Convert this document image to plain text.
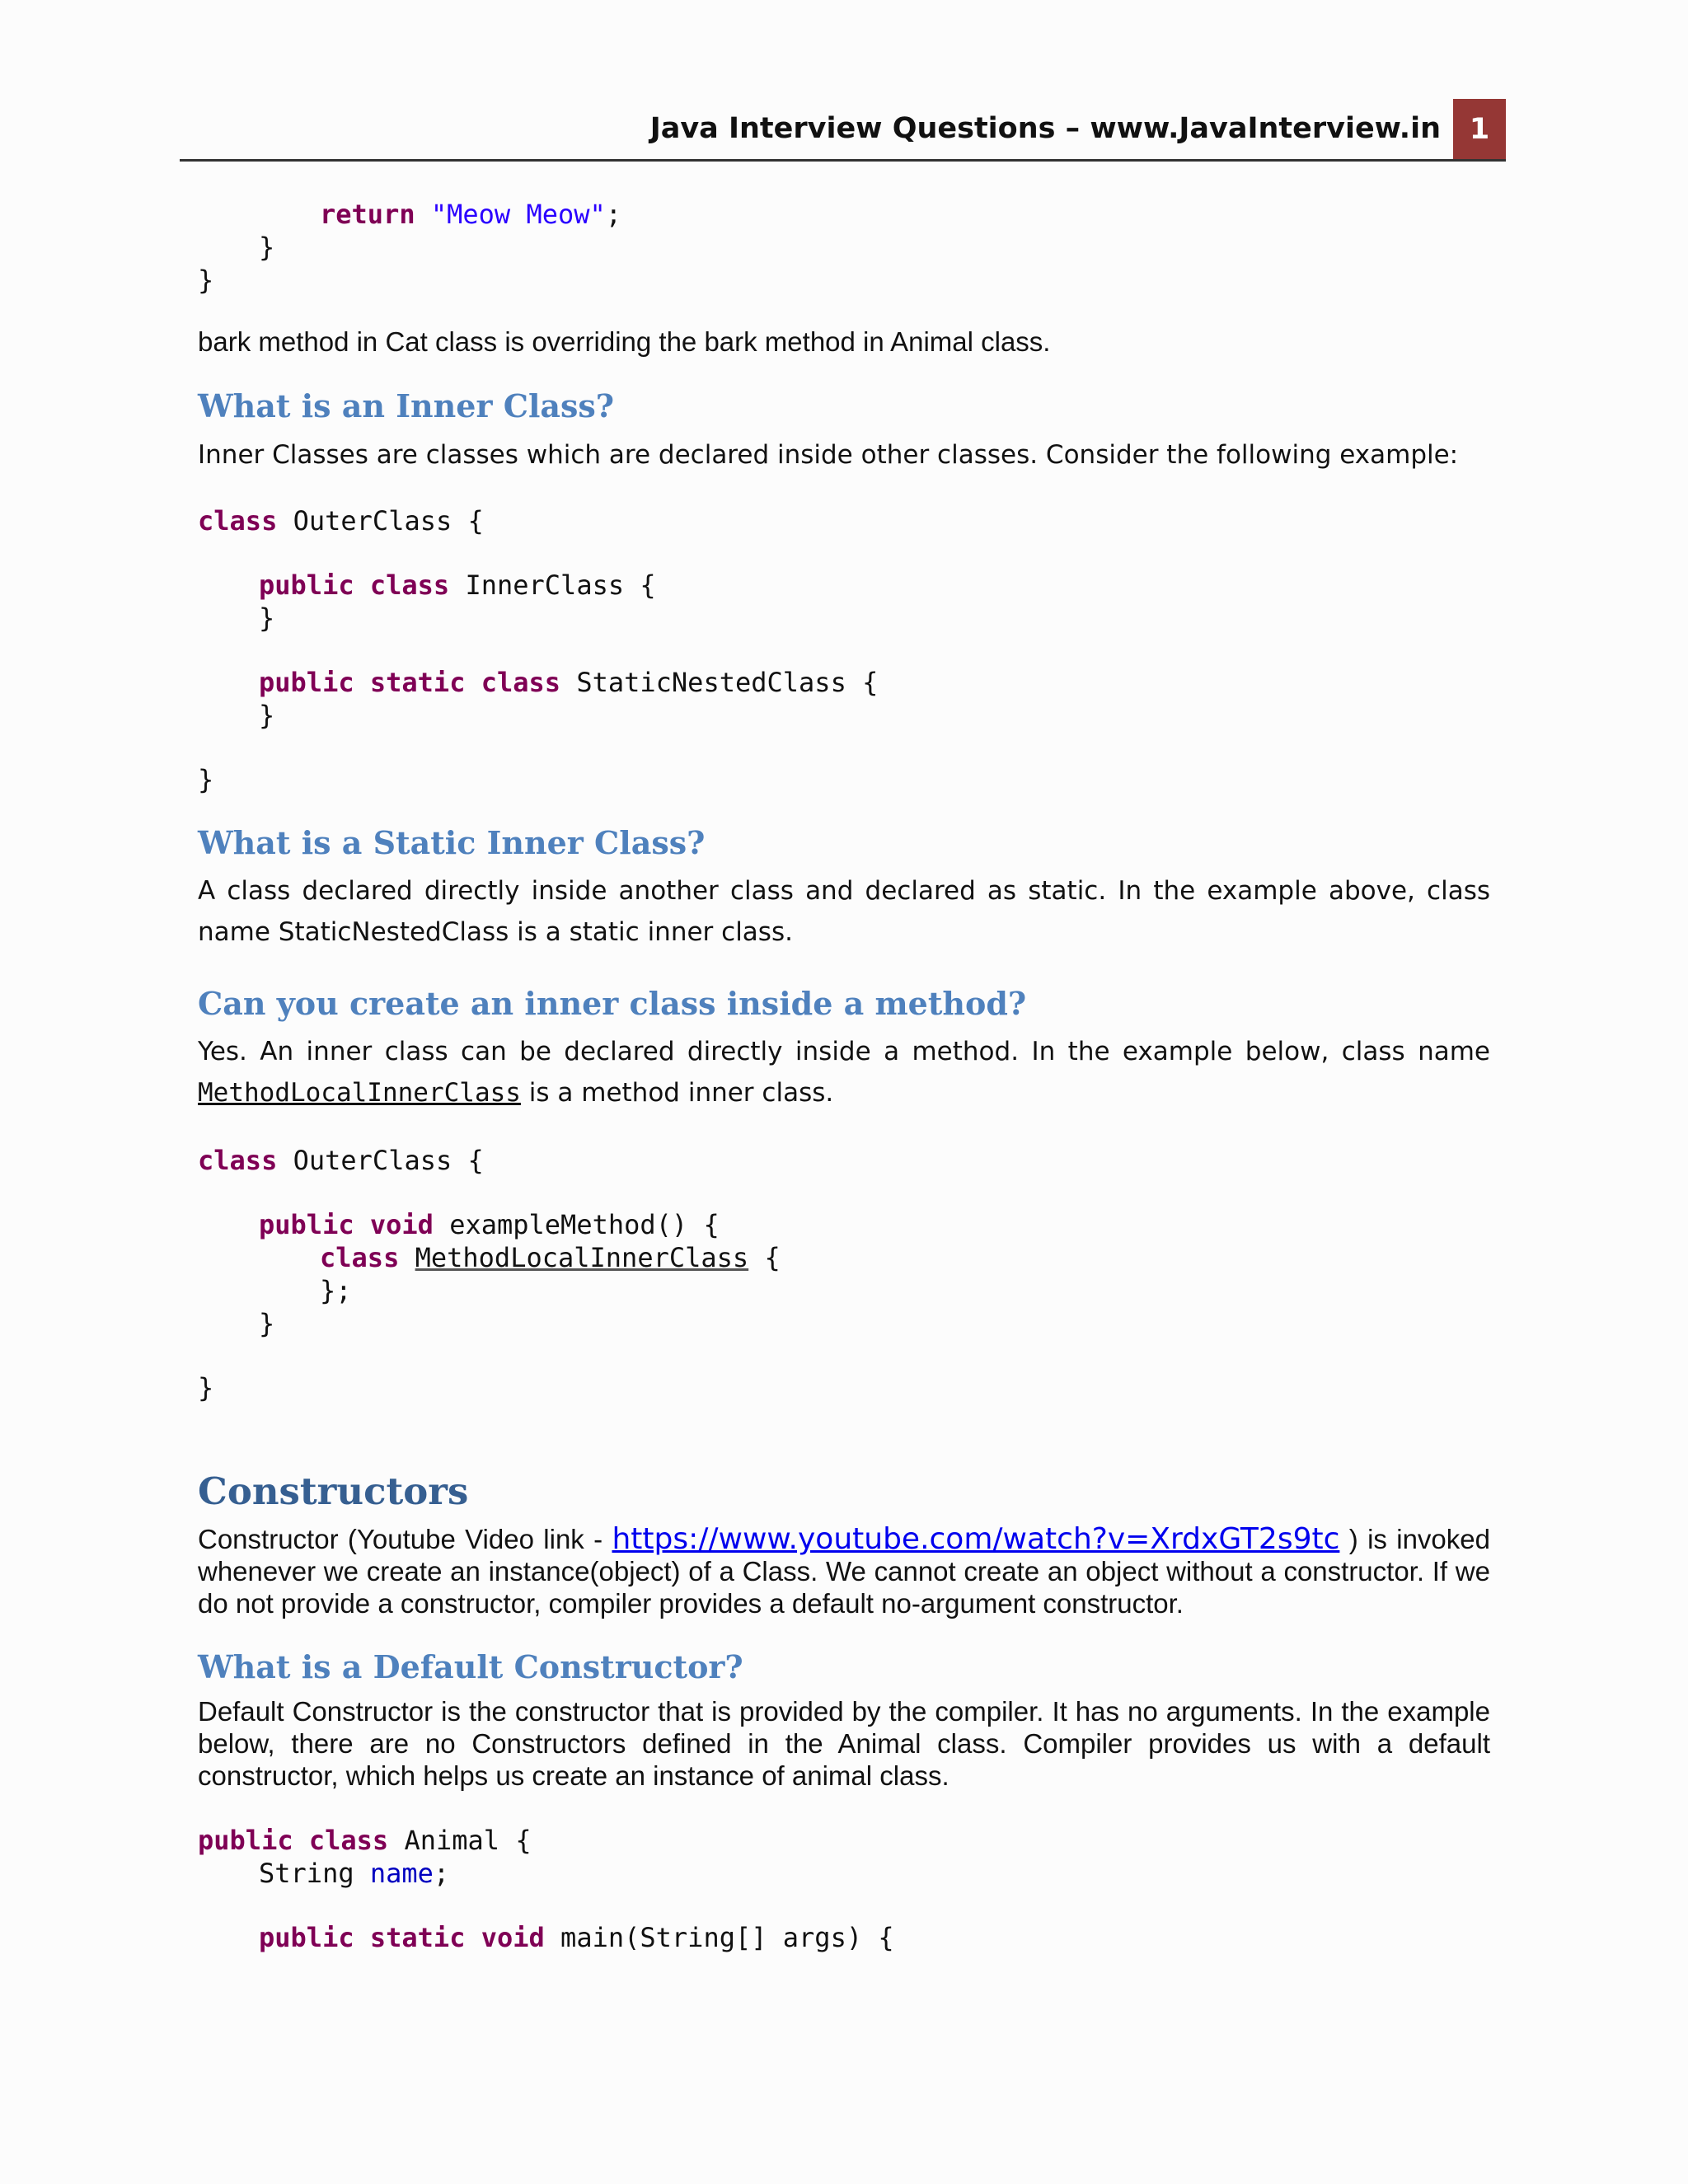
Java Interview Questions – www.JavaInterview.in 1
return "Meow Meow";
}
}
bark method in Cat class is overriding the bark method in Animal class.
What is an Inner Class?
Inner Classes are classes which are declared inside other classes. Consider the following example:
class OuterClass {
public class InnerClass {
}
public static class StaticNestedClass {
}
}
What is a Static Inner Class?
A class declared directly inside another class and declared as static. In the example above, class name StaticNestedClass is a static inner class.
Can you create an inner class inside a method?
Yes. An inner class can be declared directly inside a method. In the example below, class name MethodLocalInnerClass is a method inner class.
class OuterClass {
public void exampleMethod() {
class MethodLocalInnerClass {
};
}
}
Constructors
Constructor (Youtube Video link - https://www.youtube.com/watch?v=XrdxGT2s9tc ) is invoked whenever we create an instance(object) of a Class. We cannot create an object without a constructor. If we do not provide a constructor, compiler provides a default no-argument constructor.
What is a Default Constructor?
Default Constructor is the constructor that is provided by the compiler. It has no arguments. In the example below, there are no Constructors defined in the Animal class. Compiler provides us with a default constructor, which helps us create an instance of animal class.
public class Animal {
String name;
public static void main(String[] args) {
